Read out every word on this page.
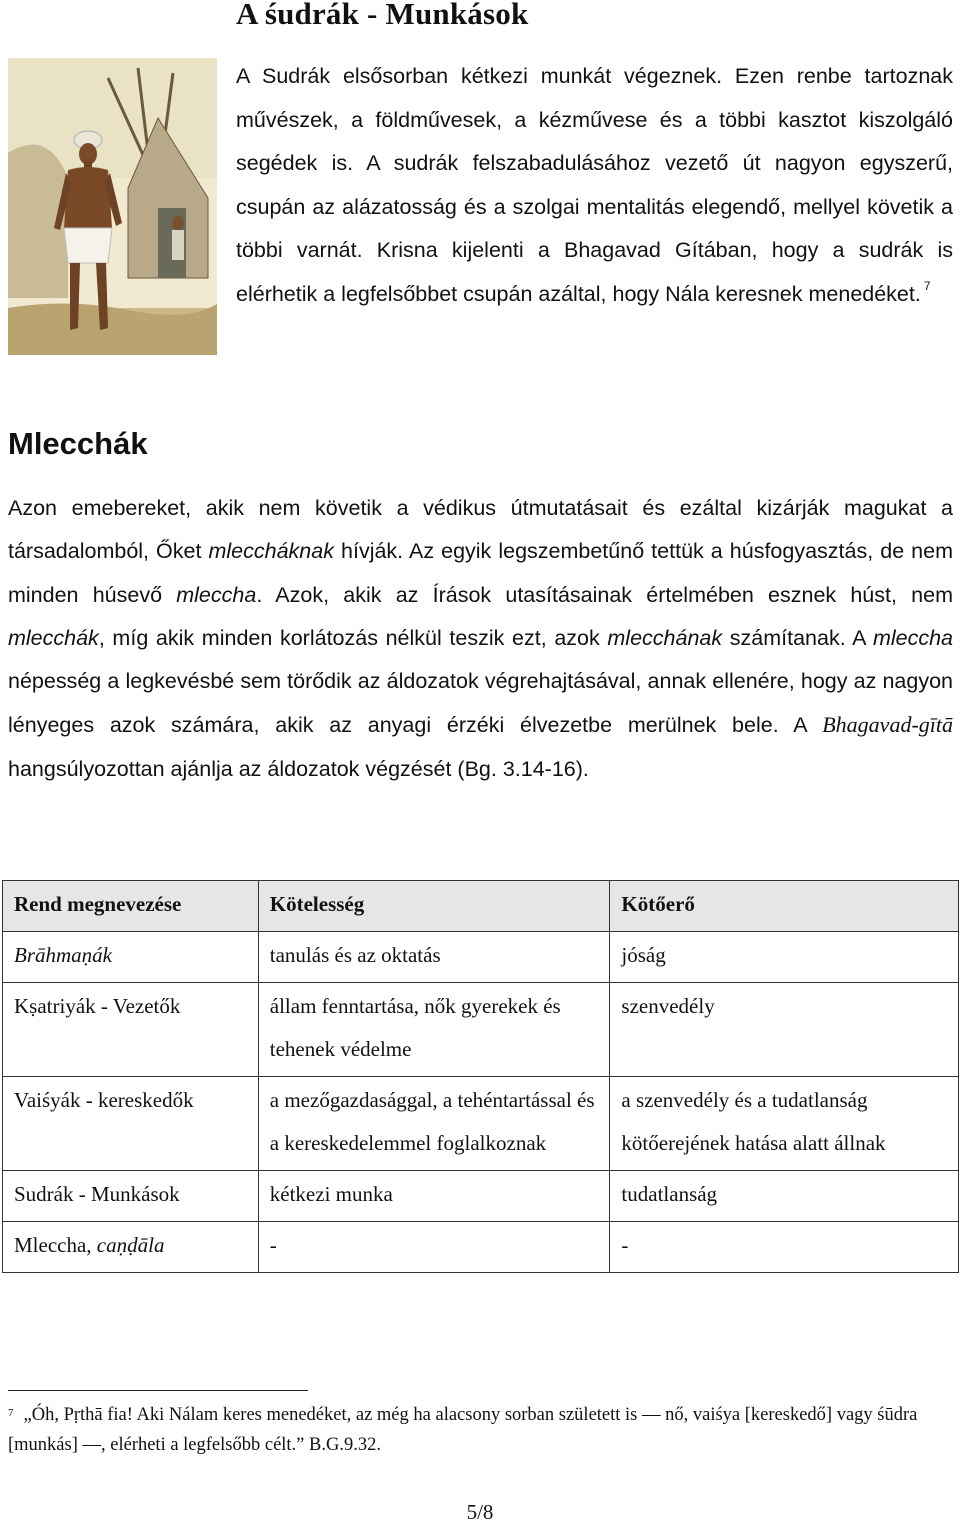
A śudrák - Munkások
A Sudrák elsősorban kétkezi munkát végeznek. Ezen renbe tartoznak művészek, a földművesek, a kézművese és a többi kasztot kiszolgáló segédek is. A sudrák felszabadulásához vezető út nagyon egyszerű, csupán az alázatosság és a szolgai mentalitás elegendő, mellyel követik a többi varnát. Krisna kijelenti a Bhagavad Gítában, hogy a sudrák is elérhetik a legfelsőbbet csupán azáltal, hogy Nála keresnek menedéket. $^7$
Mlecchák
Azon emebereket, akik nem követik a védikus útmutatásait és ezáltal kizárják magukat a társadalomból, Őket mleccháknak hívják. Az egyik legszembetűnő tettük a húsfogyasztás, de nem minden húsevő mleccha. Azok, akik az Írások utasításainak értelmében esznek húst, nem mlecchák, míg akik minden korlátozás nélkül teszik ezt, azok mlecchának számítanak. A mleccha népesség a legkevésbé sem törődik az áldozatok végrehajtásával, annak ellenére, hogy az nagyon lényeges azok számára, akik az anyagi érzéki élvezetbe merülnek bele. A Bhagavad-gītā hangsúlyozottan ajánlja az áldozatok végzését (Bg. 3.14-16).
Rend megnevezése	Kötelesség	Kötőerő
Brāhmaṇák	tanulás és az oktatás	jóság
Kṣatriyák - Vezetők	állam fenntartása, nők gyerekek és tehenek védelme	szenvedély
Vaiśyák - kereskedők	a mezőgazdasággal, a tehéntartással és a kereskedelemmel foglalkoznak	a szenvedély és a tudatlanság kötőerejének hatása alatt állnak
Sudrák - Munkások	kétkezi munka	tudatlanság
Mleccha, caṇḍāla	-	-
$^7$ „Óh, Pṛthā fia! Aki Nálam keres menedéket, az még ha alacsony sorban született is — nő, vaiśya [kereskedő] vagy śūdra [munkás] —, elérheti a legfelsőbb célt.” B.G.9.32.
5/8
